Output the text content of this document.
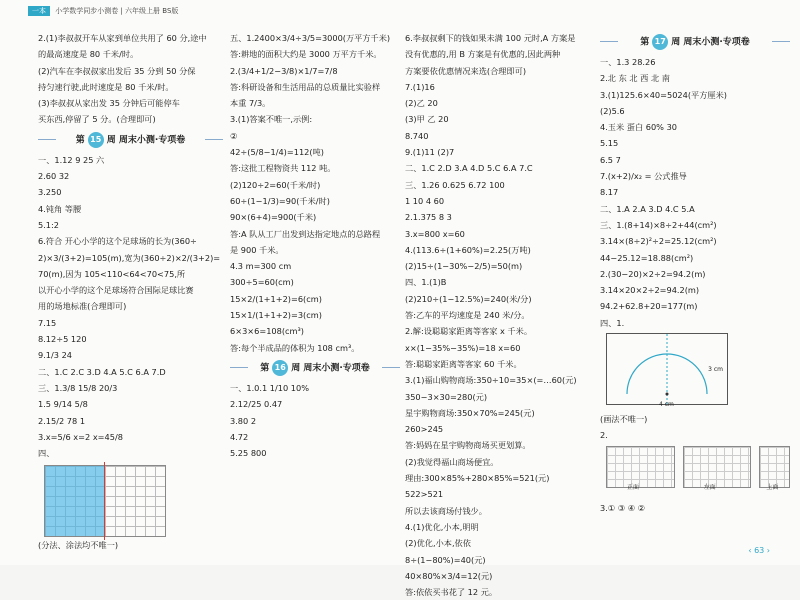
一本 小学数学同步小测卷 | 六年级上册 BS版
2.(1)李叔叔开车从家到单位共用了 60 分,途中
的最高速度是 80 千米/时。
(2)汽车在李叔叔家出发后 35 分到 50 分保
持匀速行驶,此时速度是 80 千米/时。
(3)李叔叔从家出发 35 分钟后可能停车
买东西,停留了 5 分。(合理即可)
第 15 周 周末小测·专项卷
一、1.12 9 25 六
2.60 32
3.250
4.钝角 等腰
5.1:2
6.符合 开心小学的这个足球场的长为(360÷
2)×3/(3+2)=105(m),宽为(360÷2)×2/(3+2)=
70(m),因为 105<110<64<70<75,所
以开心小学的这个足球场符合国际足球比赛
用的场地标准(合理即可)
7.15
8.12÷5 120
9.1/3 24
二、1.C 2.C 3.D 4.A 5.C 6.A 7.D
三、1.3/8 15/8 20/3
1.5 9/14 5/8
2.15/2 78 1
3.x=5/6 x=2 x=45/8
四、
(分法、涂法均不唯一)
五、1.2400×3/4÷3/5=3000(万平方千米)
答:耕地的面积大约是 3000 万平方千米。
2.(3/4+1/2−3/8)×1/7=7/8
答:科研设备和生活用品的总质量比实验样
本重 7/3。
3.(1)答案不唯一,示例:
②
42÷(5/8−1/4)=112(吨)
答:这批工程物资共 112 吨。
(2)120÷2=60(千米/时)
60÷(1−1/3)=90(千米/时)
90×(6+4)=900(千米)
答:A 队从工厂出发到达指定地点的总路程
是 900 千米。
4.3 m=300 cm
300÷5=60(cm)
15×2/(1+1+2)=6(cm)
15×1/(1+1+2)=3(cm)
6×3×6=108(cm³)
答:每个半成品的体积为 108 cm³。
第 16 周 周末小测·专项卷
一、1.0.1 1/10 10%
2.12/25 0.47
3.80 2
4.72
5.25 800
6.李叔叔剩下的钱如果未满 100 元时,A 方案是
没有优惠的,用 B 方案是有优惠的,因此两种
方案要依优惠情况来选(合理即可)
7.(1)16
(2)乙 20
(3)甲 乙 20
8.740
9.(1)11 (2)7
二、1.C 2.D 3.A 4.D 5.C 6.A 7.C
三、1.26 0.625 6.72 100
1 10 4 60
2.1.375 8 3
3.x=800 x=60
4.(113.6÷(1+60%)=2.25(万吨)
(2)15÷(1−30%−2/5)=50(m)
四、1.(1)B
(2)210÷(1−12.5%)=240(米/分)
答:乙车的平均速度是 240 米/分。
2.解:设聪聪家距离等客家 x 千米。
x×(1−35%−35%)=18 x=60
答:聪聪家距离等客家 60 千米。
3.(1)福山购物商场:350÷10=35×(=…60(元)
350−3×30=280(元)
星宇购物商场:350×70%=245(元)
260>245
答:妈妈在星宇购物商场买更划算。
(2)我觉得福山商场便宜。
理由:300×85%+280×85%=521(元)
522>521
所以去该商场付钱少。
4.(1)优化,小本,明明
(2)优化,小本,依依
8÷(1−80%)=40(元)
40×80%×3/4=12(元)
答:依依买书花了 12 元。
第 17 周 周末小测·专项卷
一、1.3 28.26
2.北 东 北 西 北 南
3.(1)125.6×40=5024(平方厘米)
(2)5.6
4.玉米 蛋白 60% 30
5.15
6.5 7
7.(x+2)/x₂ = 公式推导
8.17
二、1.A 2.A 3.D 4.C 5.A
三、1.(8+14)×8÷2+44(cm²)
3.14×(8÷2)²÷2=25.12(cm²)
44−25.12=18.88(cm²)
2.(30−20)×2÷2=94.2(m)
3.14×20×2÷2=94.2(m)
94.2+62.8+20=177(m)
四、1.
3 cm
4 cm
(画法不唯一)
2.
正面	左面	上面
3.① ③ ④ ②
‹ 63 ›
